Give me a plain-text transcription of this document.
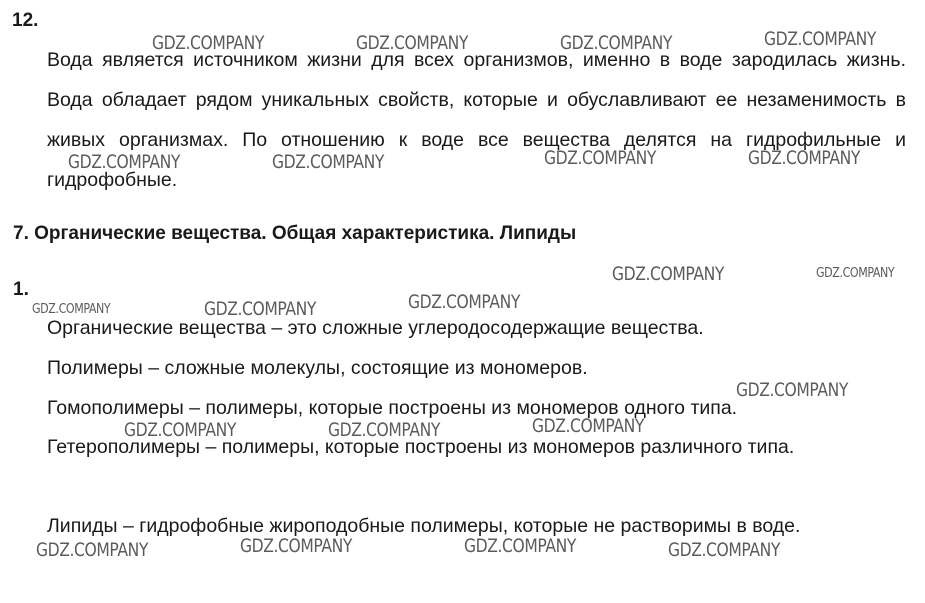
12.
Вода является источником жизни для всех организмов, именно в воде зародилась жизнь. Вода обладает рядом уникальных свойств, которые и обуславливают ее незаменимость в живых организмах. По отношению к воде все вещества делятся на гидрофильные и гидрофобные.
7. Органические вещества. Общая характеристика. Липиды
1.
Органические вещества – это сложные углеродосодержащие вещества.
Полимеры – сложные молекулы, состоящие из мономеров.
Гомополимеры – полимеры, которые построены из мономеров одного типа.
Гетерополимеры – полимеры, которые построены из мономеров различного типа.
Липиды – гидрофобные жироподобные полимеры, которые не растворимы в воде.
GDZ.COMPANY	GDZ.COMPANY	GDZ.COMPANY	GDZ.COMPANY
GDZ.COMPANY	GDZ.COMPANY	GDZ.COMPANY	GDZ.COMPANY
GDZ.COMPANY	GDZ.COMPANY
GDZ.COMPANY	GDZ.COMPANY	GDZ.COMPANY
GDZ.COMPANY
GDZ.COMPANY	GDZ.COMPANY	GDZ.COMPANY
GDZ.COMPANY	GDZ.COMPANY	GDZ.COMPANY	GDZ.COMPANY
